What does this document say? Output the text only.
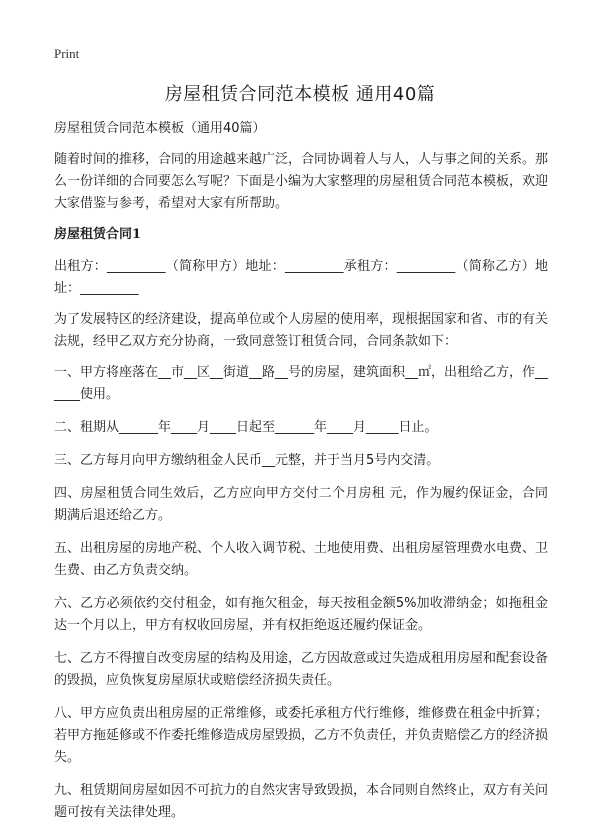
Print
房屋租赁合同范本模板 通用40篇

房屋租赁合同范本模板（通用40篇）

随着时间的推移，合同的用途越来越广泛，合同协调着人与人，人与事之间的关系。那么一份详细的合同要怎么写呢？下面是小编为大家整理的房屋租赁合同范本模板，欢迎大家借鉴与参考，希望对大家有所帮助。

房屋租赁合同1

出租方：_________（简称甲方）地址：_________承租方：_________（简称乙方）地址：_________

为了发展特区的经济建设，提高单位或个人房屋的使用率，现根据国家和省、市的有关法规，经甲乙双方充分协商，一致同意签订租赁合同，合同条款如下：

一、甲方将座落在__市__区__街道__路__号的房屋，建筑面积__㎡，出租给乙方，作______使用。

二、租期从______年____月____日起至______年____月_____日止。

三、乙方每月向甲方缴纳租金人民币__元整，并于当月5号内交清。

四、房屋租赁合同生效后，乙方应向甲方交付二个月房租 元，作为履约保证金，合同期满后退还给乙方。

五、出租房屋的房地产税、个人收入调节税、土地使用费、出租房屋管理费水电费、卫生费、由乙方负责交纳。

六、乙方必须依约交付租金，如有拖欠租金，每天按租金额5%加收滞纳金；如拖租金达一个月以上，甲方有权收回房屋，并有权拒绝返还履约保证金。

七、乙方不得擅自改变房屋的结构及用途，乙方因故意或过失造成租用房屋和配套设备的毁损，应负恢复房屋原状或赔偿经济损失责任。

八、甲方应负责出租房屋的正常维修，或委托承租方代行维修，维修费在租金中折算；若甲方拖延修或不作委托维修造成房屋毁损，乙方不负责任，并负责赔偿乙方的经济损失。

九、租赁期间房屋如因不可抗力的自然灾害导致毁损，本合同则自然终止，双方有关问题可按有关法律处理。
